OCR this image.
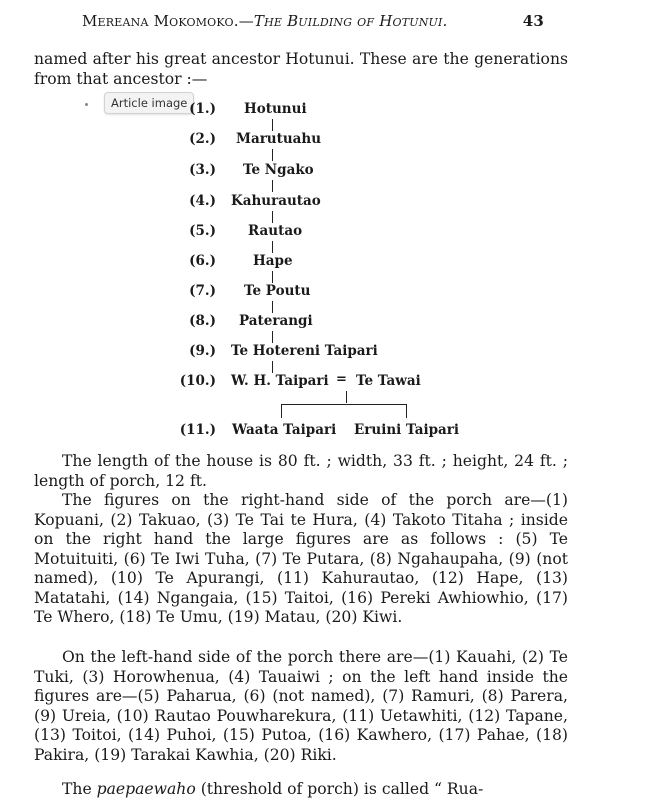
Mereana Mokomoko.—The Building of Hotunui.	43

named after his great ancestor Hotunui. These are the generations from that ancestor :—

Article image (1.) Hotunui
(2.) Marutuahu
(3.) Te Ngako
(4.) Kahurautao
(5.) Rautao
(6.)	Hape
(7.) Te Poutu
(8.) Paterangi
(9.) Te Hotereni Taipari
(10.) W. H. Taipari = Te Tawai
(11.) Waata Taipari Eruini Taipari

The length of the house is 80 ft. ; width, 33 ft. ; height, 24 ft. ; length of porch, 12 ft.

The figures on the right-hand side of the porch are—(1) Kopuani, (2) Takuao, (3) Te Tai te Hura, (4) Takoto Titaha ; inside on the right hand the large figures are as follows : (5) Te Motuituiti, (6) Te Iwi Tuha, (7) Te Putara, (8) Ngahaupaha, (9) (not named), (10) Te Apurangi, (11) Kahurautao, (12) Hape, (13) Matatahi, (14) Ngangaia, (15) Taitoi, (16) Pereki Awhiowhio, (17) Te Whero, (18) Te Umu, (19) Matau, (20) Kiwi.

On the left-hand side of the porch there are—(1) Kauahi, (2) Te Tuki, (3) Horowhenua, (4) Tauaiwi ; on the left hand inside the figures are—(5) Paharua, (6) (not named), (7) Ramuri, (8) Parera, (9) Ureia, (10) Rautao Pouwharekura, (11) Uetawhiti, (12) Tapane, (13) Toitoi, (14) Puhoi, (15) Putoa, (16) Kawhero, (17) Pahae, (18) Pakira, (19) Tarakai Kawhia, (20) Riki.

The paepaewaho (threshold of porch) is called “ Rua-
